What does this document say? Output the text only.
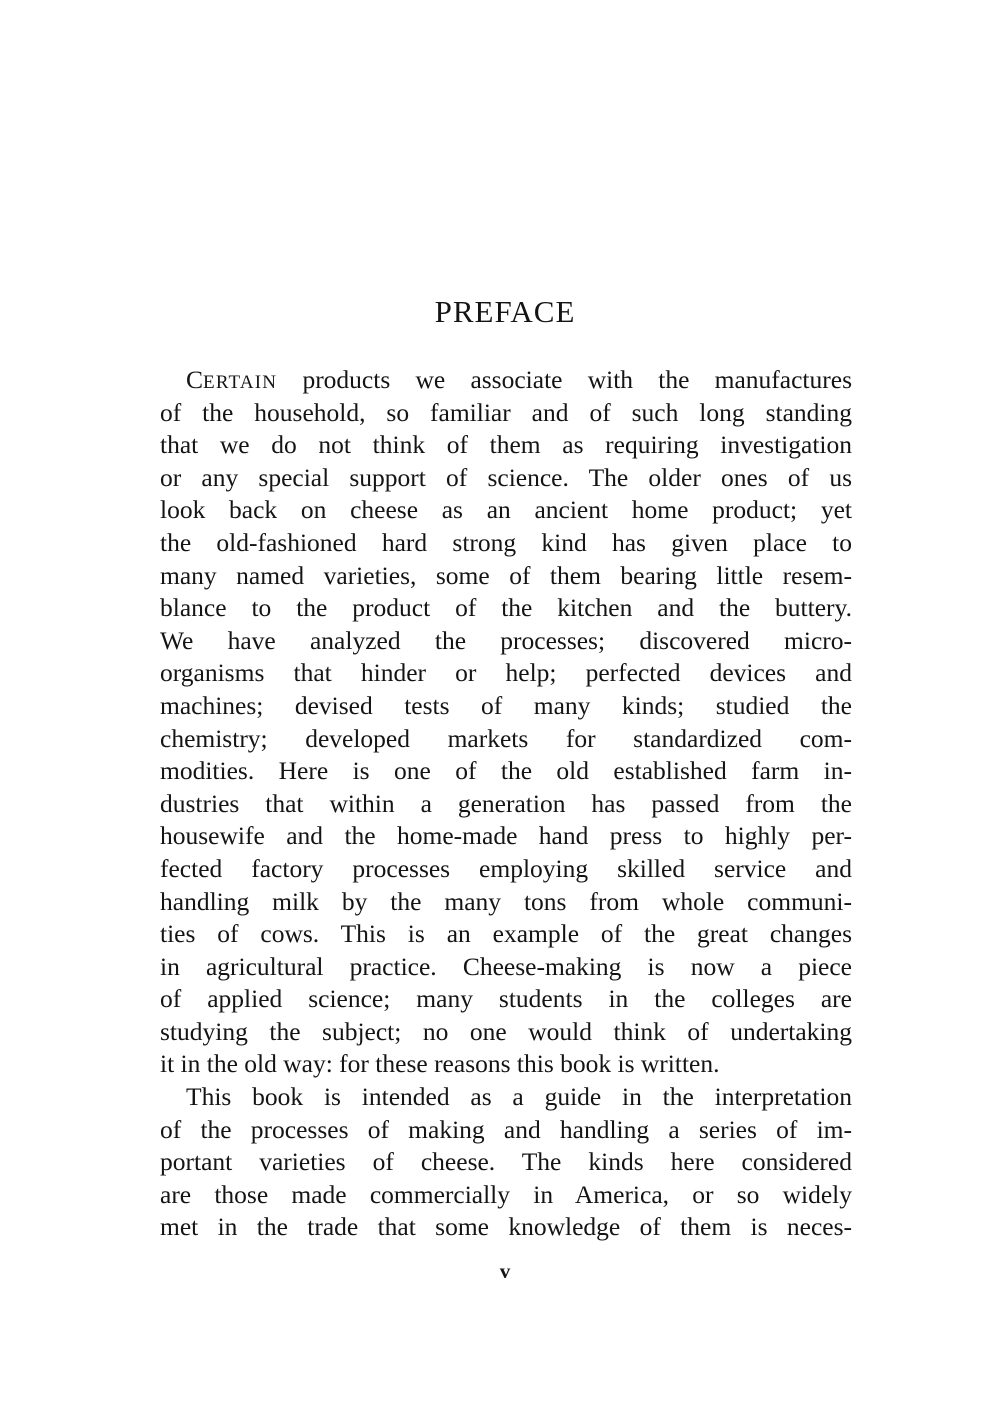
PREFACE
CERTAIN products we associate with the manufactures
of the household, so familiar and of such long standing
that we do not think of them as requiring investigation
or any special support of science. The older ones of us
look back on cheese as an ancient home product; yet
the old-fashioned hard strong kind has given place to
many named varieties, some of them bearing little resem-
blance to the product of the kitchen and the buttery.
We have analyzed the processes; discovered micro-
organisms that hinder or help; perfected devices and
machines; devised tests of many kinds; studied the
chemistry; developed markets for standardized com-
modities. Here is one of the old established farm in-
dustries that within a generation has passed from the
housewife and the home-made hand press to highly per-
fected factory processes employing skilled service and
handling milk by the many tons from whole communi-
ties of cows. This is an example of the great changes
in agricultural practice. Cheese-making is now a piece
of applied science; many students in the colleges are
studying the subject; no one would think of undertaking
it in the old way: for these reasons this book is written.
This book is intended as a guide in the interpretation
of the processes of making and handling a series of im-
portant varieties of cheese. The kinds here considered
are those made commercially in America, or so widely
met in the trade that some knowledge of them is neces-
v
